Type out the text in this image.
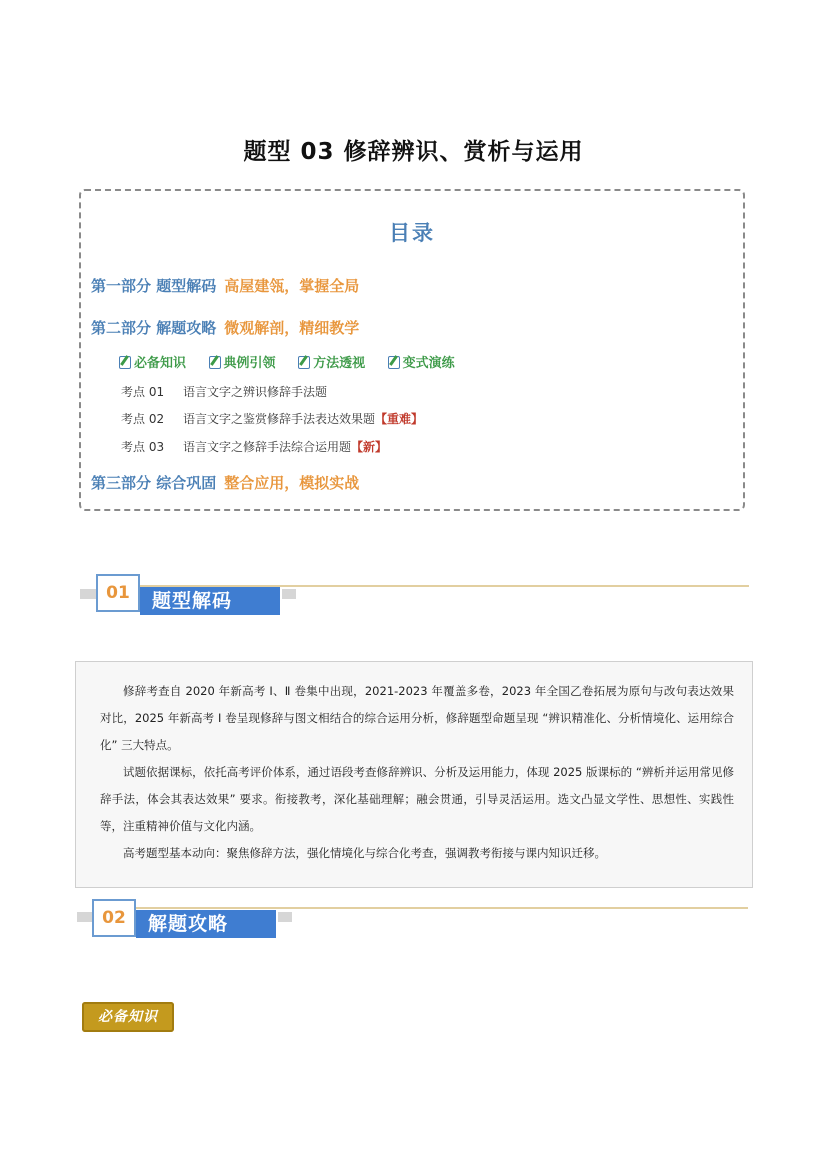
题型 03 修辞辨识、赏析与运用
目录
第一部分 题型解码 高屋建瓴，掌握全局
第二部分 解题攻略 微观解剖，精细教学
必备知识	典例引领	方法透视	变式演练
考点 01 语言文字之辨识修辞手法题
考点 02 语言文字之鉴赏修辞手法表达效果题【重难】
考点 03 语言文字之修辞手法综合运用题【新】
第三部分 综合巩固 整合应用，模拟实战
题型解码
01

修辞考查自 2020 年新高考 Ⅰ、Ⅱ 卷集中出现，2021-2023 年覆盖多卷，2023 年全国乙卷拓展为原句与改句表达效果对比，2025 年新高考 Ⅰ 卷呈现修辞与图文相结合的综合运用分析，修辞题型命题呈现 “辨识精准化、分析情境化、运用综合化” 三大特点。

试题依据课标，依托高考评价体系，通过语段考查修辞辨识、分析及运用能力，体现 2025 版课标的 “辨析并运用常见修辞手法，体会其表达效果” 要求。衔接教考，深化基础理解；融会贯通，引导灵活运用。选文凸显文学性、思想性、实践性等，注重精神价值与文化内涵。

高考题型基本动向：聚焦修辞方法，强化情境化与综合化考查，强调教考衔接与课内知识迁移。

解题攻略
02
必备知识
